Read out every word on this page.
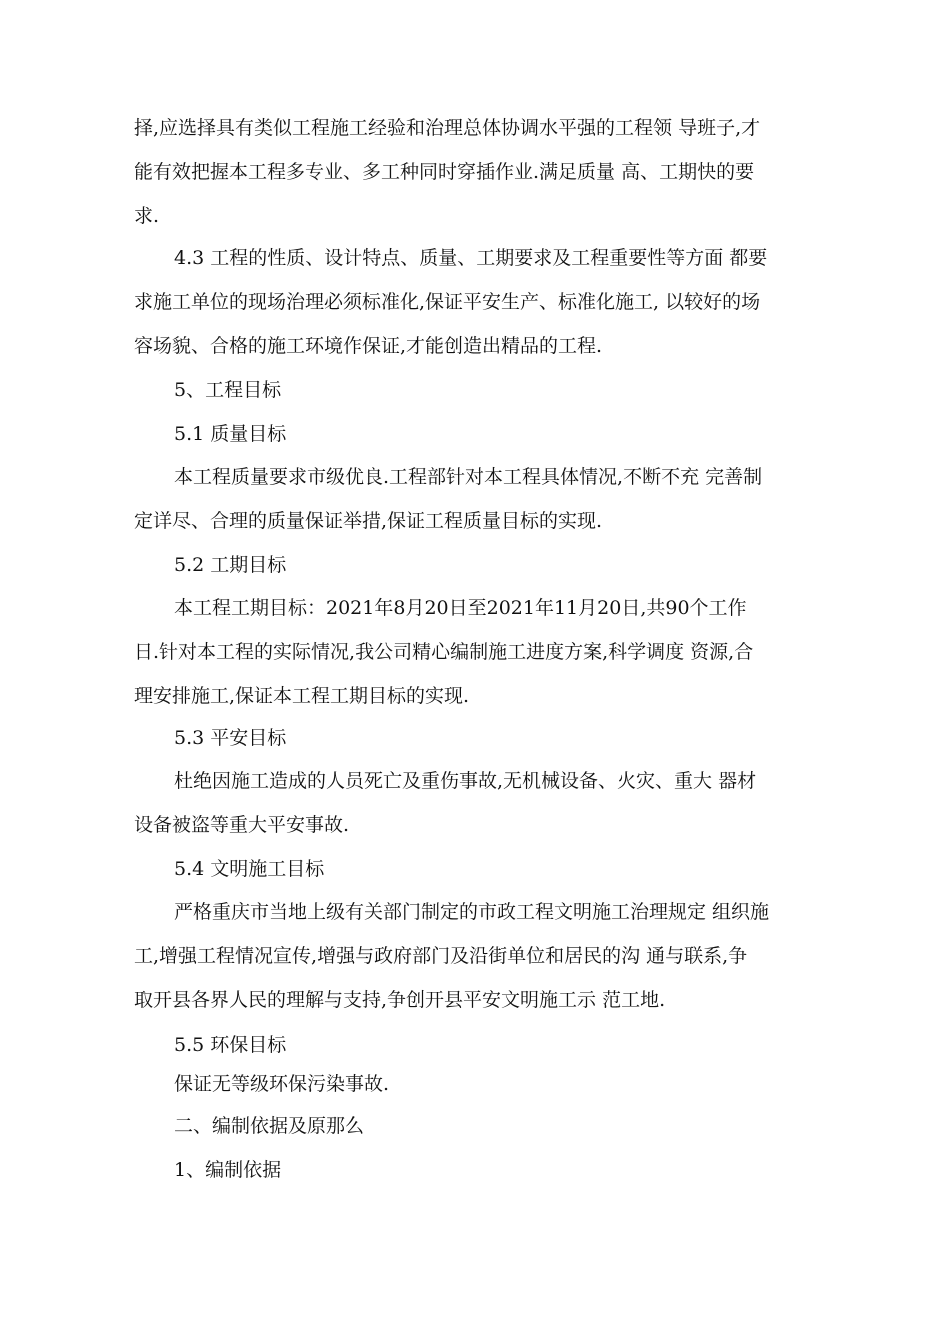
择,应选择具有类似工程施工经验和治理总体协调水平强的工程领 导班子,才
能有效把握本工程多专业、多工种同时穿插作业.满足质量 高、工期快的要
求.
4.3 工程的性质、设计特点、质量、工期要求及工程重要性等方面 都要
求施工单位的现场治理必须标准化,保证平安生产、标准化施工, 以较好的场
容场貌、合格的施工环境作保证,才能创造出精品的工程.
5、工程目标
5.1 质量目标
本工程质量要求市级优良.工程部针对本工程具体情况,不断不充 完善制
定详尽、合理的质量保证举措,保证工程质量目标的实现.
5.2 工期目标
本工程工期目标：2021年8月20日至2021年11月20日,共90个工作
日.针对本工程的实际情况,我公司精心编制施工进度方案,科学调度 资源,合
理安排施工,保证本工程工期目标的实现.
5.3 平安目标
杜绝因施工造成的人员死亡及重伤事故,无机械设备、火灾、重大 器材
设备被盗等重大平安事故.
5.4 文明施工目标
严格重庆市当地上级有关部门制定的市政工程文明施工治理规定 组织施
工,增强工程情况宣传,增强与政府部门及沿街单位和居民的沟 通与联系,争
取开县各界人民的理解与支持,争创开县平安文明施工示 范工地.
5.5 环保目标
保证无等级环保污染事故.
二、编制依据及原那么
1、编制依据
